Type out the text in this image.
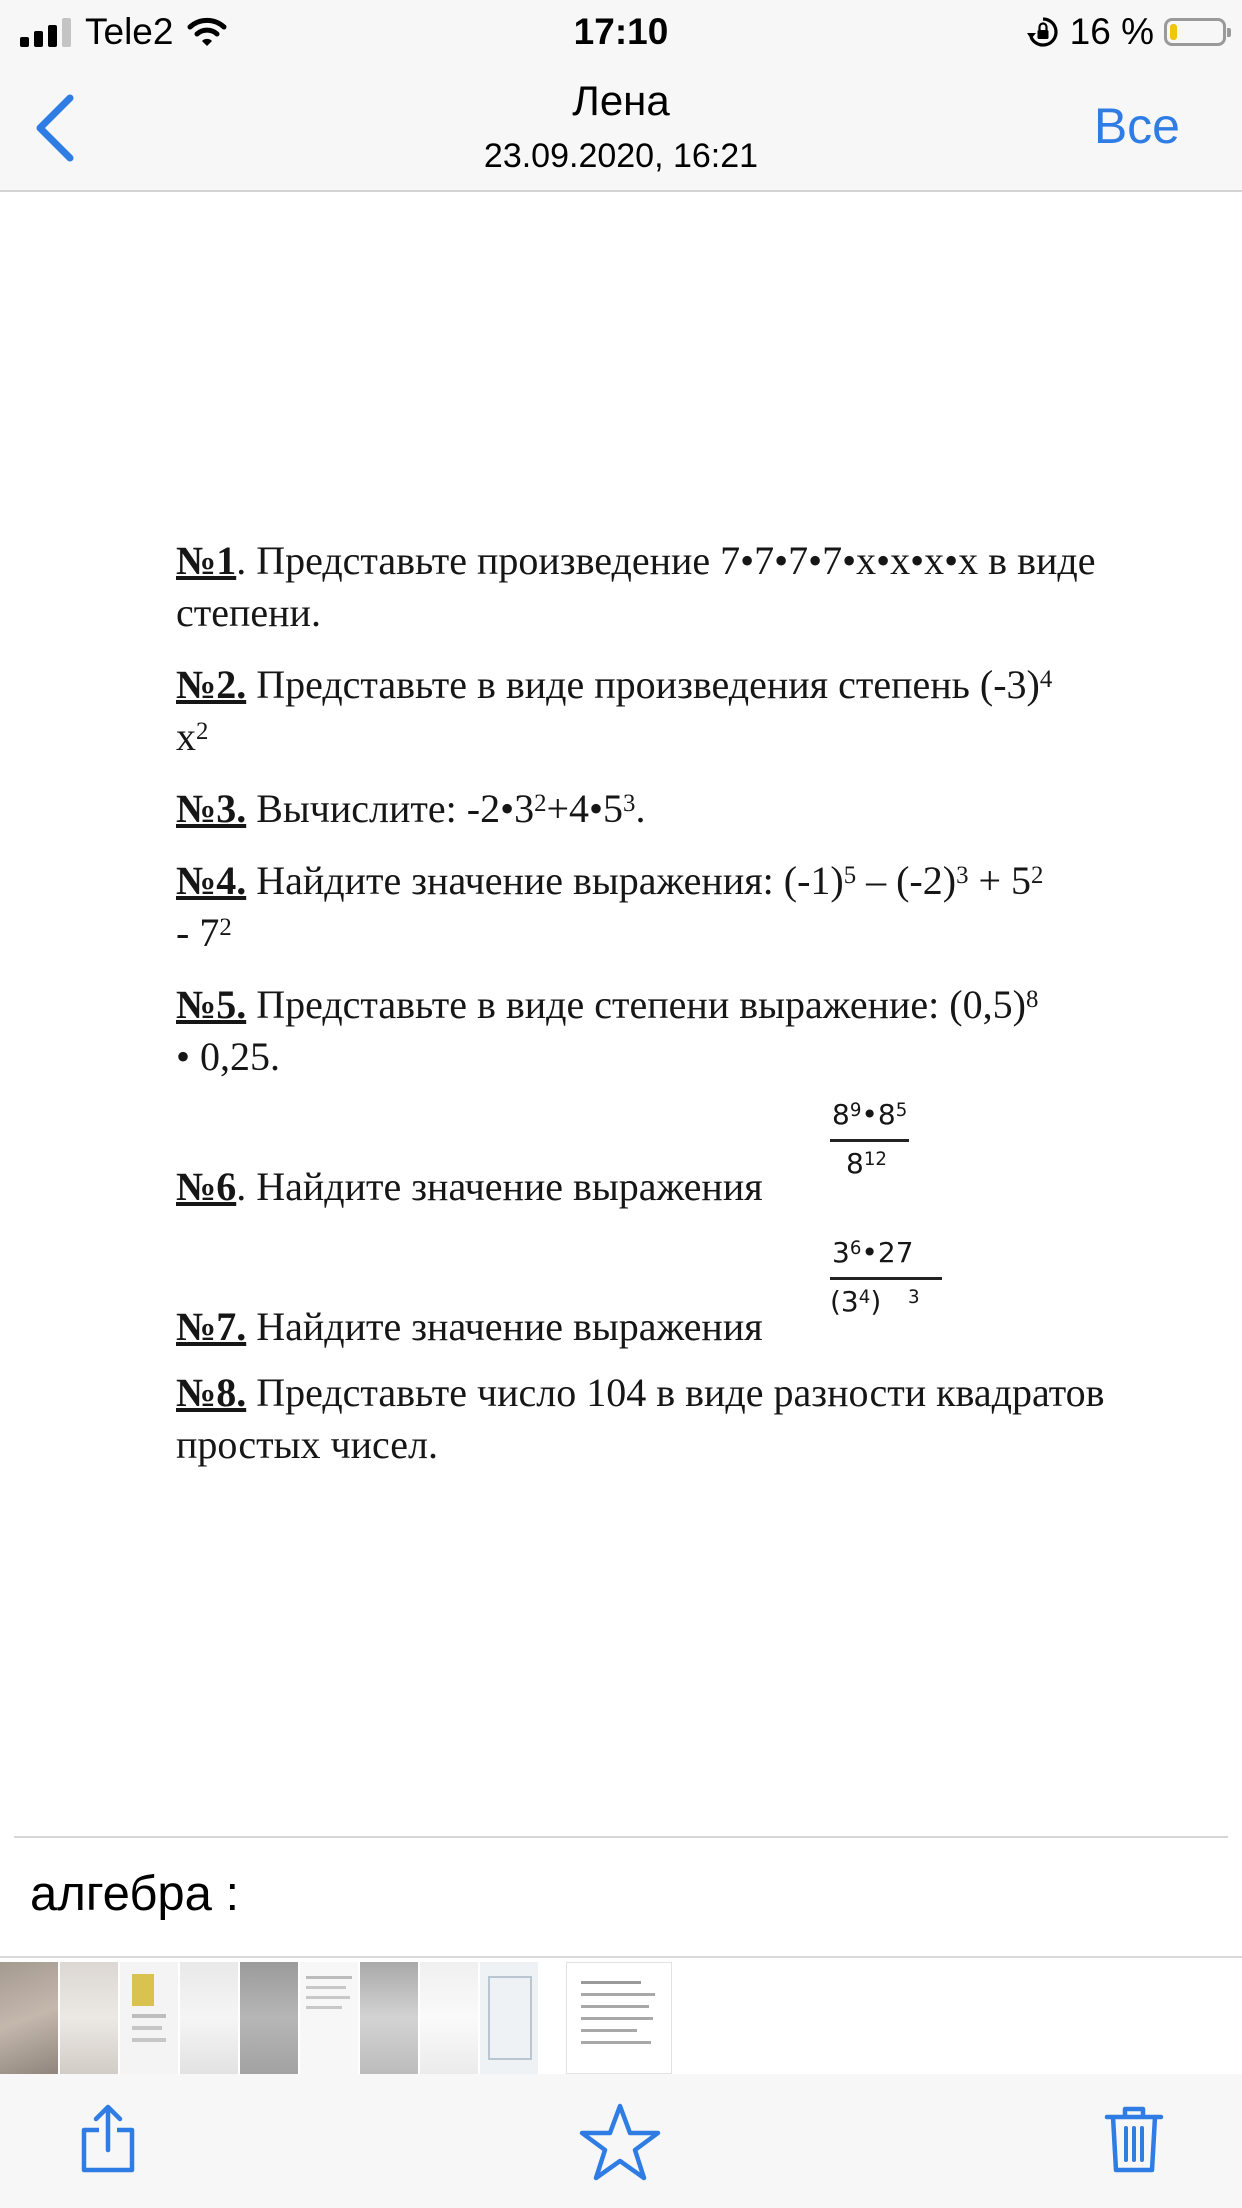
Tele2	17:10	16 %
Лена
23.09.2020, 16:21
Все

№1. Представьте произведение 7•7•7•7•x•x•x•x в виде степени.

№2. Представьте в виде произведения степень $(-3)^4$
$x^2$

№3. Вычислите: $-2•3^2+4•5^3$.

№4. Найдите значение выражения: $(-1)^5 - (-2)^3 + 5^2$
- $7^2$

№5. Представьте в виде степени выражение: $(0,5)^8$
• 0,25.

№6. Найдите значение выражения
$\frac{8^9•8^5}{8^{12}}$
№7. Найдите значение выражения
$\frac{3^6•27}{(3^4) ^3}$

№8. Представьте число 104 в виде разности квадратов простых чисел.

алгебра :
